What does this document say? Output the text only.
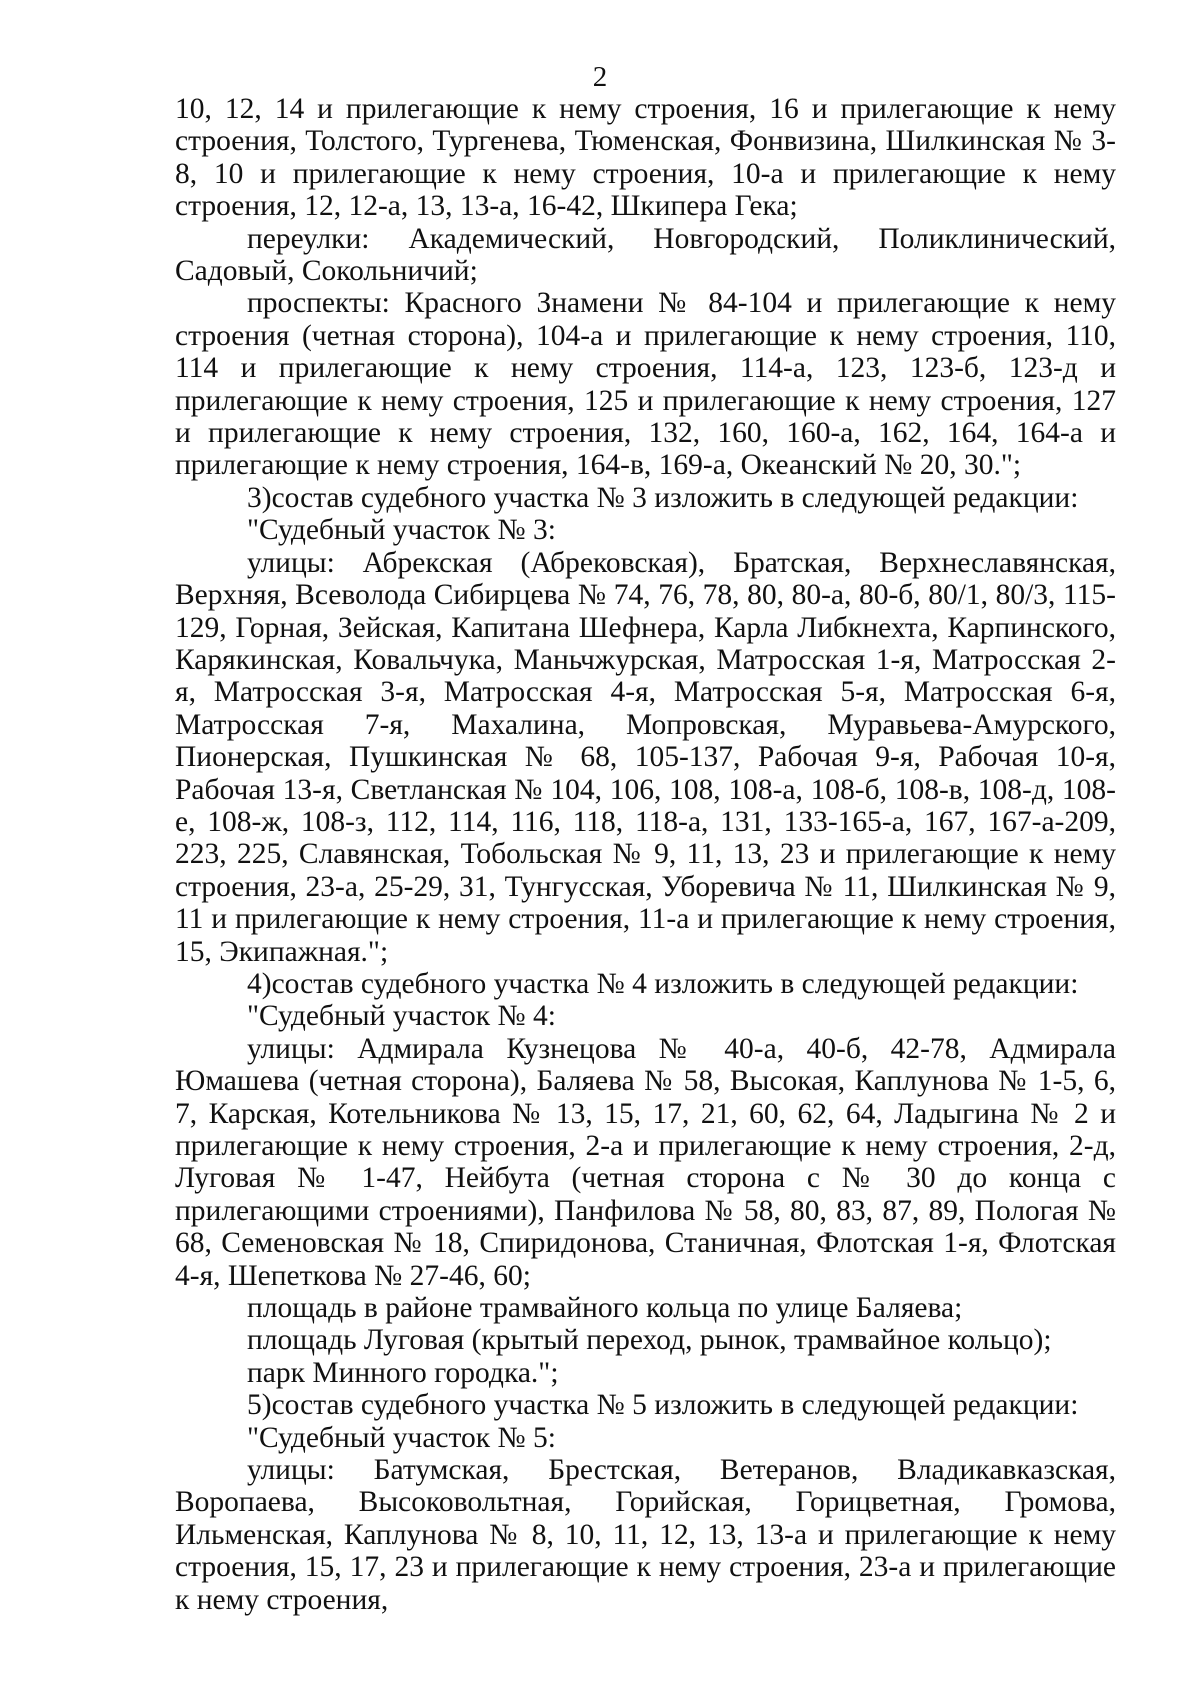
2

10, 12, 14 и прилегающие к нему строения, 16 и прилегающие к нему строения, Толстого, Тургенева, Тюменская, Фонвизина, Шилкинская № 3-8, 10 и прилегающие к нему строения, 10-а и прилегающие к нему строения, 12, 12-а, 13, 13-а, 16-42, Шкипера Гека;

переулки: Академический, Новгородский, Поликлинический, Садовый, Сокольничий;

проспекты: Красного Знамени № 84-104 и прилегающие к нему строения (четная сторона), 104-а и прилегающие к нему строения, 110, 114 и прилегающие к нему строения, 114-а, 123, 123-б, 123-д и прилегающие к нему строения, 125 и прилегающие к нему строения, 127 и прилегающие к нему строения, 132, 160, 160-а, 162, 164, 164-а и прилегающие к нему строения, 164-в, 169-а, Океанский № 20, 30.";

3)состав судебного участка № 3 изложить в следующей редакции:

"Судебный участок № 3:

улицы: Абрекская (Абрековская), Братская, Верхнеславянская, Верхняя, Всеволода Сибирцева № 74, 76, 78, 80, 80-а, 80-б, 80/1, 80/3, 115-129, Горная, Зейская, Капитана Шефнера, Карла Либкнехта, Карпинского, Карякинская, Ковальчука, Маньчжурская, Матросская 1-я, Матросская 2-я, Матросская 3-я, Матросская 4-я, Матросская 5-я, Матросская 6-я, Матросская 7-я, Махалина, Мопровская, Муравьева-Амурского, Пионерская, Пушкинская № 68, 105-137, Рабочая 9-я, Рабочая 10-я, Рабочая 13-я, Светланская № 104, 106, 108, 108-а, 108-б, 108-в, 108-д, 108-е, 108-ж, 108-з, 112, 114, 116, 118, 118-а, 131, 133-165-а, 167, 167-а-209, 223, 225, Славянская, Тобольская № 9, 11, 13, 23 и прилегающие к нему строения, 23-а, 25-29, 31, Тунгусская, Уборевича № 11, Шилкинская № 9, 11 и прилегающие к нему строения, 11-а и прилегающие к нему строения, 15, Экипажная.";

4)состав судебного участка № 4 изложить в следующей редакции:

"Судебный участок № 4:

улицы: Адмирала Кузнецова № 40-а, 40-б, 42-78, Адмирала Юмашева (четная сторона), Баляева № 58, Высокая, Каплунова № 1-5, 6, 7, Карская, Котельникова № 13, 15, 17, 21, 60, 62, 64, Ладыгина № 2 и прилегающие к нему строения, 2-а и прилегающие к нему строения, 2-д, Луговая № 1-47, Нейбута (четная сторона с № 30 до конца с прилегающими строениями), Панфилова № 58, 80, 83, 87, 89, Пологая № 68, Семеновская № 18, Спиридонова, Станичная, Флотская 1-я, Флотская 4-я, Шепеткова № 27-46, 60;

площадь в районе трамвайного кольца по улице Баляева;

площадь Луговая (крытый переход, рынок, трамвайное кольцо);

парк Минного городка.";

5)состав судебного участка № 5 изложить в следующей редакции:

"Судебный участок № 5:

улицы: Батумская, Брестская, Ветеранов, Владикавказская, Воропаева, Высоковольтная, Горийская, Горицветная, Громова, Ильменская, Каплунова № 8, 10, 11, 12, 13, 13-а и прилегающие к нему строения, 15, 17, 23 и прилегающие к нему строения, 23-а и прилегающие к нему строения,
